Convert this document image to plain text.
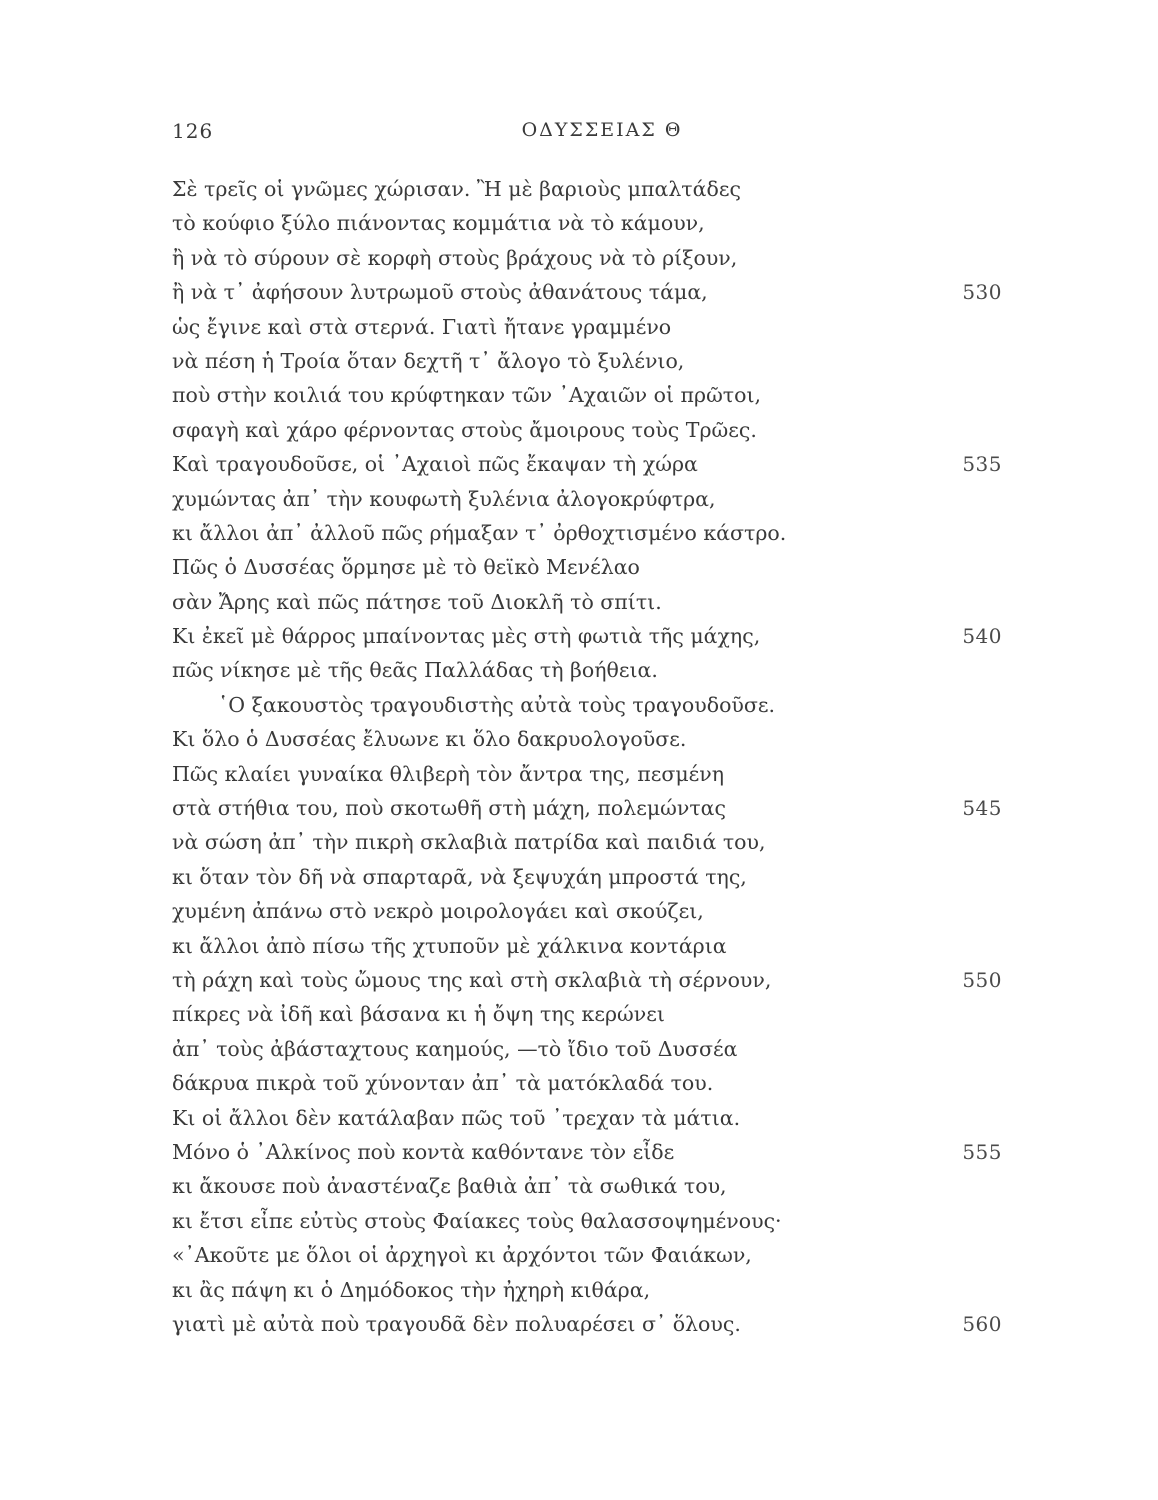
126	ΟΔΥΣΣΕΙΑΣ Θ
Σὲ τρεῖς οἱ γνῶμες χώρισαν. Ἢ μὲ βαριοὺς μπαλτάδες
τὸ κούφιο ξύλο πιάνοντας κομμάτια νὰ τὸ κάμουν,
ἢ νὰ τὸ σύρουν σὲ κορφὴ στοὺς βράχους νὰ τὸ ρίξουν,
ἢ νὰ τ᾿ ἀφήσουν λυτρωμοῦ στοὺς ἀθανάτους τάμα,	530
ὡς ἔγινε καὶ στὰ στερνά. Γιατὶ ἤτανε γραμμένο
νὰ πέση ἡ Τροία ὅταν δεχτῆ τ᾿ ἄλογο τὸ ξυλένιο,
ποὺ στὴν κοιλιά του κρύφτηκαν τῶν ᾿Αχαιῶν οἱ πρῶτοι,
σφαγὴ καὶ χάρο φέρνοντας στοὺς ἄμοιρους τοὺς Τρῶες.
Καὶ τραγουδοῦσε, οἱ ᾿Αχαιοὶ πῶς ἔκαψαν τὴ χώρα	535
χυμώντας ἀπ᾿ τὴν κουφωτὴ ξυλένια ἀλογοκρύφτρα,
κι ἄλλοι ἀπ᾿ ἀλλοῦ πῶς ρήμαξαν τ᾿ ὀρθοχτισμένο κάστρο.
Πῶς ὁ Δυσσέας ὅρμησε μὲ τὸ θεϊκὸ Μενέλαο
σὰν Ἄρης καὶ πῶς πάτησε τοῦ Διοκλῆ τὸ σπίτι.
Κι ἐκεῖ μὲ θάρρος μπαίνοντας μὲς στὴ φωτιὰ τῆς μάχης,	540
πῶς νίκησε μὲ τῆς θεᾶς Παλλάδας τὴ βοήθεια.
῾Ο ξακουστὸς τραγουδιστὴς αὐτὰ τοὺς τραγουδοῦσε.
Κι ὅλο ὁ Δυσσέας ἔλυωνε κι ὅλο δακρυολογοῦσε.
Πῶς κλαίει γυναίκα θλιβερὴ τὸν ἄντρα της, πεσμένη
στὰ στήθια του, ποὺ σκοτωθῆ στὴ μάχη, πολεμώντας	545
νὰ σώση ἀπ᾿ τὴν πικρὴ σκλαβιὰ πατρίδα καὶ παιδιά του,
κι ὅταν τὸν δῆ νὰ σπαρταρᾶ, νὰ ξεψυχάη μπροστά της,
χυμένη ἀπάνω στὸ νεκρὸ μοιρολογάει καὶ σκούζει,
κι ἄλλοι ἀπὸ πίσω τῆς χτυποῦν μὲ χάλκινα κοντάρια
τὴ ράχη καὶ τοὺς ὤμους της καὶ στὴ σκλαβιὰ τὴ σέρνουν,	550
πίκρες νὰ ἰδῆ καὶ βάσανα κι ἡ ὄψη της κερώνει
ἀπ᾿ τοὺς ἀβάσταχτους καημούς, —τὸ ἴδιο τοῦ Δυσσέα
δάκρυα πικρὰ τοῦ χύνονταν ἀπ᾿ τὰ ματόκλαδά του.
Κι οἱ ἄλλοι δὲν κατάλαβαν πῶς τοῦ ᾿τρεχαν τὰ μάτια.
Μόνο ὁ ᾿Αλκίνος ποὺ κοντὰ καθόντανε τὸν εἶδε	555
κι ἄκουσε ποὺ ἀναστέναζε βαθιὰ ἀπ᾿ τὰ σωθικά του,
κι ἔτσι εἶπε εὐτὺς στοὺς Φαίακες τοὺς θαλασσοψημένους·
«᾿Ακοῦτε με ὅλοι οἱ ἀρχηγοὶ κι ἀρχόντοι τῶν Φαιάκων,
κι ἂς πάψη κι ὁ Δημόδοκος τὴν ἠχηρὴ κιθάρα,
γιατὶ μὲ αὐτὰ ποὺ τραγουδᾶ δὲν πολυαρέσει σ᾿ ὅλους.	560
